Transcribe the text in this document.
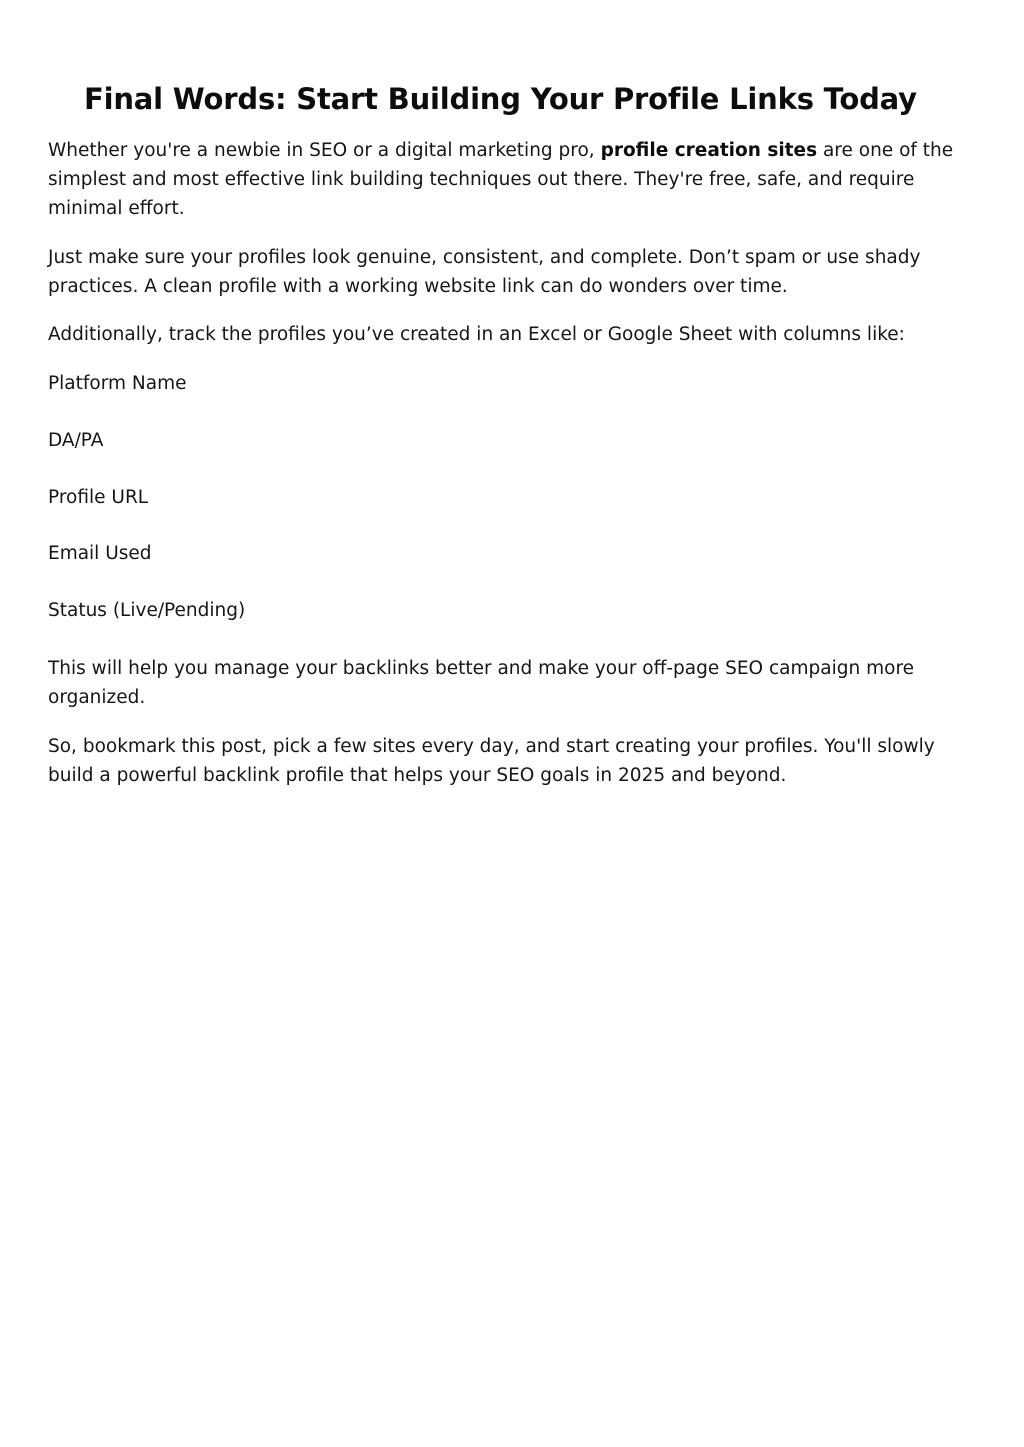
Final Words: Start Building Your Profile Links Today

Whether you're a newbie in SEO or a digital marketing pro, profile creation sites are one of the simplest and most effective link building techniques out there. They're free, safe, and require minimal effort.

Just make sure your profiles look genuine, consistent, and complete. Don’t spam or use shady practices. A clean profile with a working website link can do wonders over time.

Additionally, track the profiles you’ve created in an Excel or Google Sheet with columns like:

Platform Name
DA/PA
Profile URL
Email Used
Status (Live/Pending)

This will help you manage your backlinks better and make your off-page SEO campaign more organized.

So, bookmark this post, pick a few sites every day, and start creating your profiles. You'll slowly build a powerful backlink profile that helps your SEO goals in 2025 and beyond.
